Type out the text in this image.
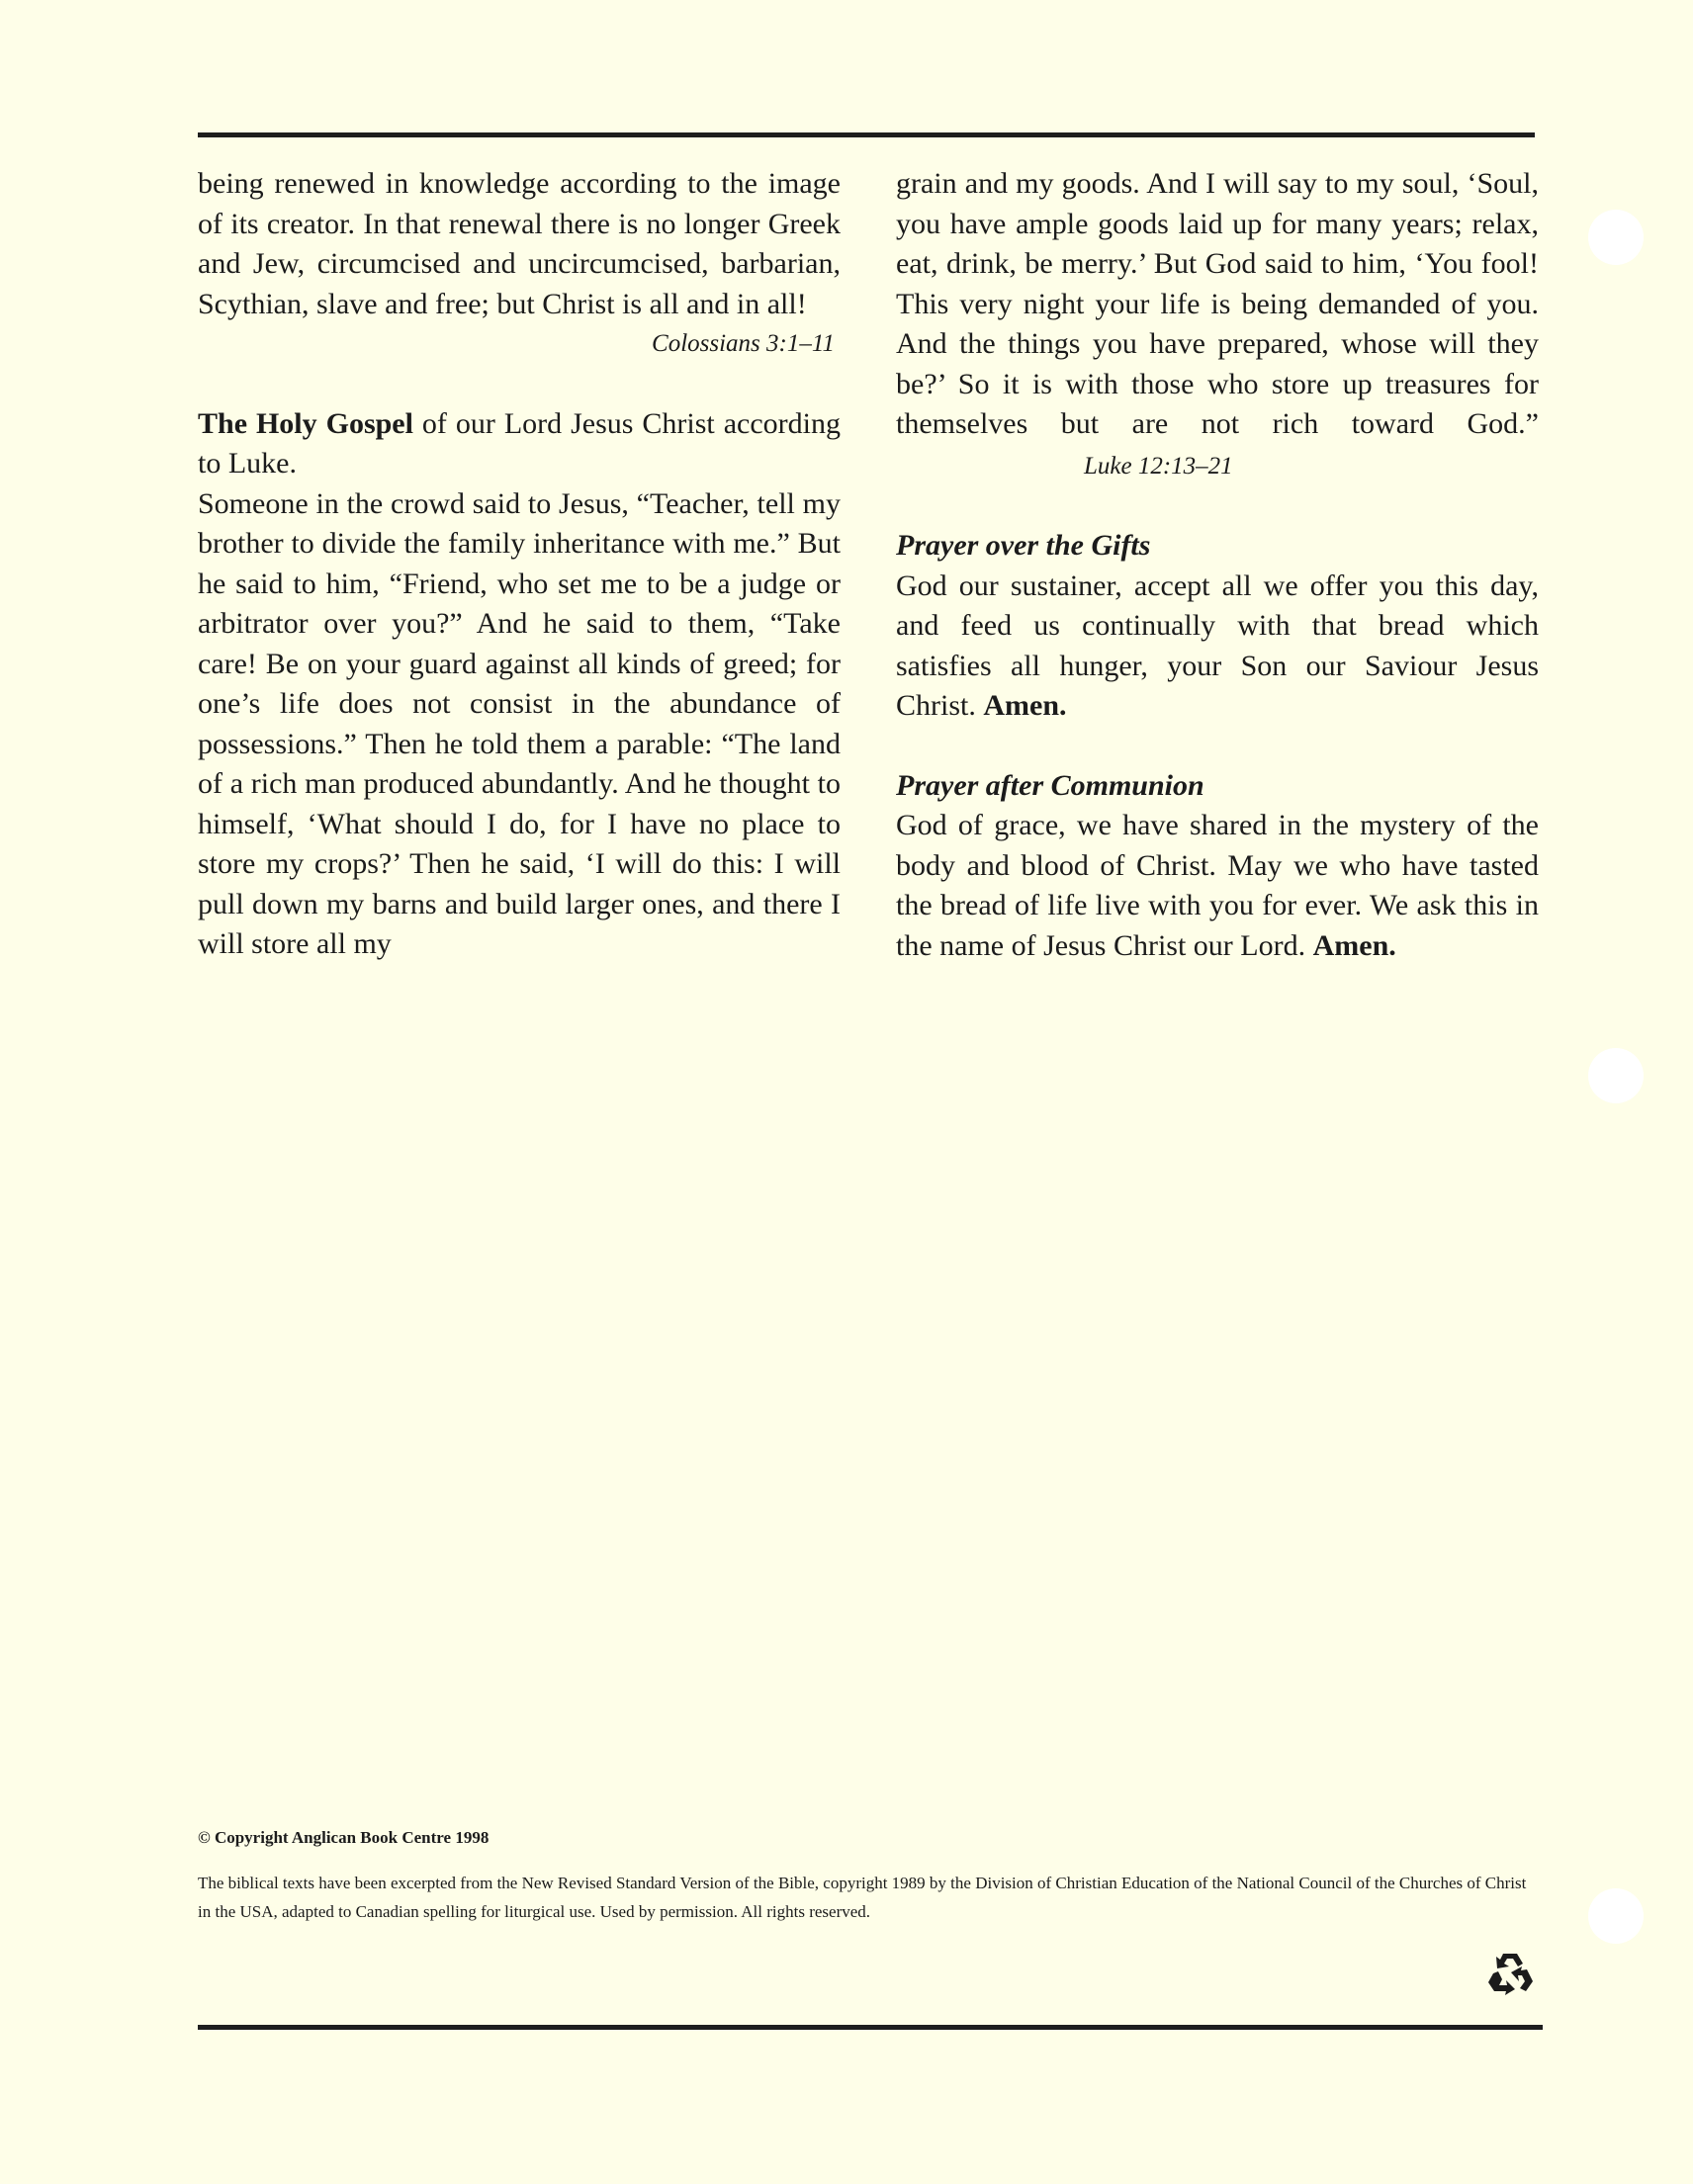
being renewed in knowledge according to the image of its creator. In that renewal there is no longer Greek and Jew, circumcised and uncircumcised, barbarian, Scythian, slave and free; but Christ is all and in all!

Colossians 3:1–11

The Holy Gospel of our Lord Jesus Christ according to Luke.

Someone in the crowd said to Jesus, “Teacher, tell my brother to divide the family inheritance with me.” But he said to him, “Friend, who set me to be a judge or arbitrator over you?” And he said to them, “Take care! Be on your guard against all kinds of greed; for one’s life does not consist in the abundance of possessions.” Then he told them a parable: “The land of a rich man produced abundantly. And he thought to himself, ‘What should I do, for I have no place to store my crops?’ Then he said, ‘I will do this: I will pull down my barns and build larger ones, and there I will store all my

grain and my goods. And I will say to my soul, ‘Soul, you have ample goods laid up for many years; relax, eat, drink, be merry.’ But God said to him, ‘You fool! This very night your life is being demanded of you. And the things you have prepared, whose will they be?’ So it is with those who store up treasures for themselves but are not rich toward God.”Luke 12:13–21

Prayer over the Gifts

God our sustainer, accept all we offer you this day, and feed us continually with that bread which satisfies all hunger, your Son our Saviour Jesus Christ. Amen.

Prayer after Communion

God of grace, we have shared in the mystery of the body and blood of Christ. May we who have tasted the bread of life live with you for ever. We ask this in the name of Jesus Christ our Lord. Amen.

© Copyright Anglican Book Centre 1998
The biblical texts have been excerpted from the New Revised Standard Version of the Bible, copyright 1989 by the Division of Christian Education of the National Council of the Churches of Christ in the USA, adapted to Canadian spelling for liturgical use. Used by permission. All rights reserved.
